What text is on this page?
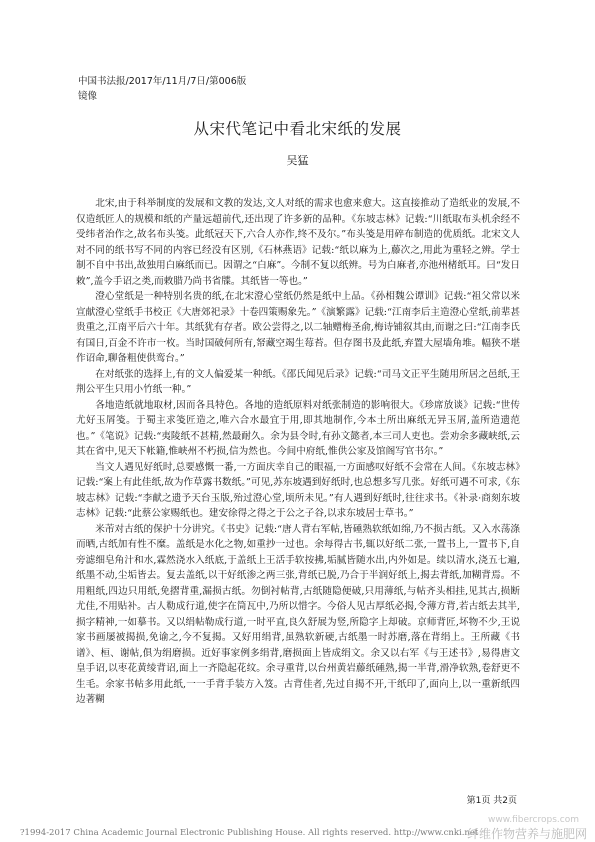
中国书法报/2017年/11月/7日/第006版
镜像
从宋代笔记中看北宋纸的发展
吴猛

北宋,由于科举制度的发展和文教的发达,文人对纸的需求也愈来愈大。这直接推动了造纸业的发展,不仅造纸匠人的规模和纸的产量远超前代,还出现了许多新的品种。《东坡志林》记载:“川纸取布头机余经不受纬者治作之,故名布头笺。此纸冠天下,六合人亦作,终不及尔。”布头笺是用碎布制造的优质纸。北宋文人对不同的纸书写不同的内容已经没有区别,《石林燕语》记载:“纸以麻为上,藤次之,用此为重轻之辨。学士制不自中书出,故独用白麻纸而已。因谓之“白麻”。今制不复以纸辨。号为白麻者,亦池州楮纸耳。曰“发日敕”,盖今手诏之类,而敕腊乃尚书省牒。其纸皆一等也。”

澄心堂纸是一种特别名贵的纸,在北宋澄心堂纸仍然是纸中上品。《孙相魏公谭训》记载:“祖父常以米宣献澄心堂纸手书校正《大唐郊祀录》十卷四策赐象先。”《演繁露》记载:“江南李后主造澄心堂纸,前辈甚贵重之,江南平后六十年。其纸犹有存者。欧公尝得之,以二轴赠梅圣俞,梅诗铺叙其由,而谢之曰:“江南李氏有国日,百金不许市一枚。当时国破何所有,帑藏空竭生莓苔。但存图书及此纸,弃置大屋墙角堆。幅狭不堪作诏命,聊备粗使供鸾台。”

在对纸张的选择上,有的文人偏爱某一种纸。《邵氏闻见后录》记载:“司马文正平生随用所居之邑纸,王荆公平生只用小竹纸一种。”

各地造纸就地取材,因而各具特色。各地的造纸原料对纸张制造的影响很大。《珍席放谈》记载:“世传尤好玉屑笺。于蜀主求笺匠造之,唯六合水最宜于用,即其地制作,今本土所出麻纸无异玉屑,盖所造遗范也。”《笔说》记载:“夷陵纸不甚精,然最耐久。余为县令时,有孙文懿者,本三司人吏也。尝劝余多藏峡纸,云其在省中,见天下帐籍,惟峡州不朽损,信为然也。今间中府纸,惟供公家及馆阁写官书尔。”

当文人遇见好纸时,总要感慨一番,一方面庆幸自己的眼福,一方面感叹好纸不会常在人间。《东坡志林》记载:“案上有此佳纸,故为作草露书数纸。”可见,苏东坡遇到好纸时,也总想多写几张。好纸可遇不可求,《东坡志林》记载:“李献之遗予天台玉版,殆过澄心堂,顷所未见。”有人遇到好纸时,往往求书。《补录·商刻东坡志林》记载:“此蔡公家赐纸也。建安徐得之得之于公之子谷,以求东坡居士草书。”

米芾对古纸的保护十分讲究。《书史》记载:“唐人背右军帖,皆硾熟软纸如绵,乃不损古纸。又入水荡涤而晒,古纸加有性不糜。盖纸是水化之物,如重抄一过也。余每得古书,辄以好纸二张,一置书上,一置书下,自旁滤细皂角汁和水,霖然浇水入纸底,于盖纸上王活手软按拂,垢腻皆随水出,内外如是。续以清水,浇五七遍,纸墨不动,尘垢皆去。复去盖纸,以干好纸渗之两三张,背纸已脱,乃合于半润好纸上,揭去背纸,加糊背焉。不用粗纸,四边只用纸,免摺背重,漏损古纸。勿倒衬帖背,古纸随隐便破,只用薄纸,与帖齐头相挂,见其古,损断尤佳,不用贴补。古人勒成行道,使字在筒瓦中,乃所以惜字。今俗人见古厚纸必揭,令薄方背,若古纸去其半,损字精神,一如摹书。又以绢帖勒成行道,一时平直,良久舒展为竖,所隐字上却破。京师背匠,坏物不少,王说家书画屡被揭损,免谕之,今不复揭。又好用绢背,虽熟软新硬,古纸墨一时苏磨,落在背绢上。王所藏《书谱》、桓、谢帖,俱为绢磨损。近好事家例多绢背,磨损面上皆成绢文。余又以右军《与王述书》,易得唐文皇手诏,以枣花黄绫背诏,面上一齐隐起花纹。余寻重背,以台州黄岩藤纸硾熟,揭一半背,滑净软熟,卷舒更不生毛。余家书帖多用此纸,一一手背手装方入笈。古背佳者,先过自揭不开,干纸印了,面向上,以一重新纸四边著糊

第1页 共2页
?1994-2017 China Academic Journal Electronic Publishing House. All rights reserved. http://www.cnki.net
www.fibercrops.com
纤维作物营养与施肥网
